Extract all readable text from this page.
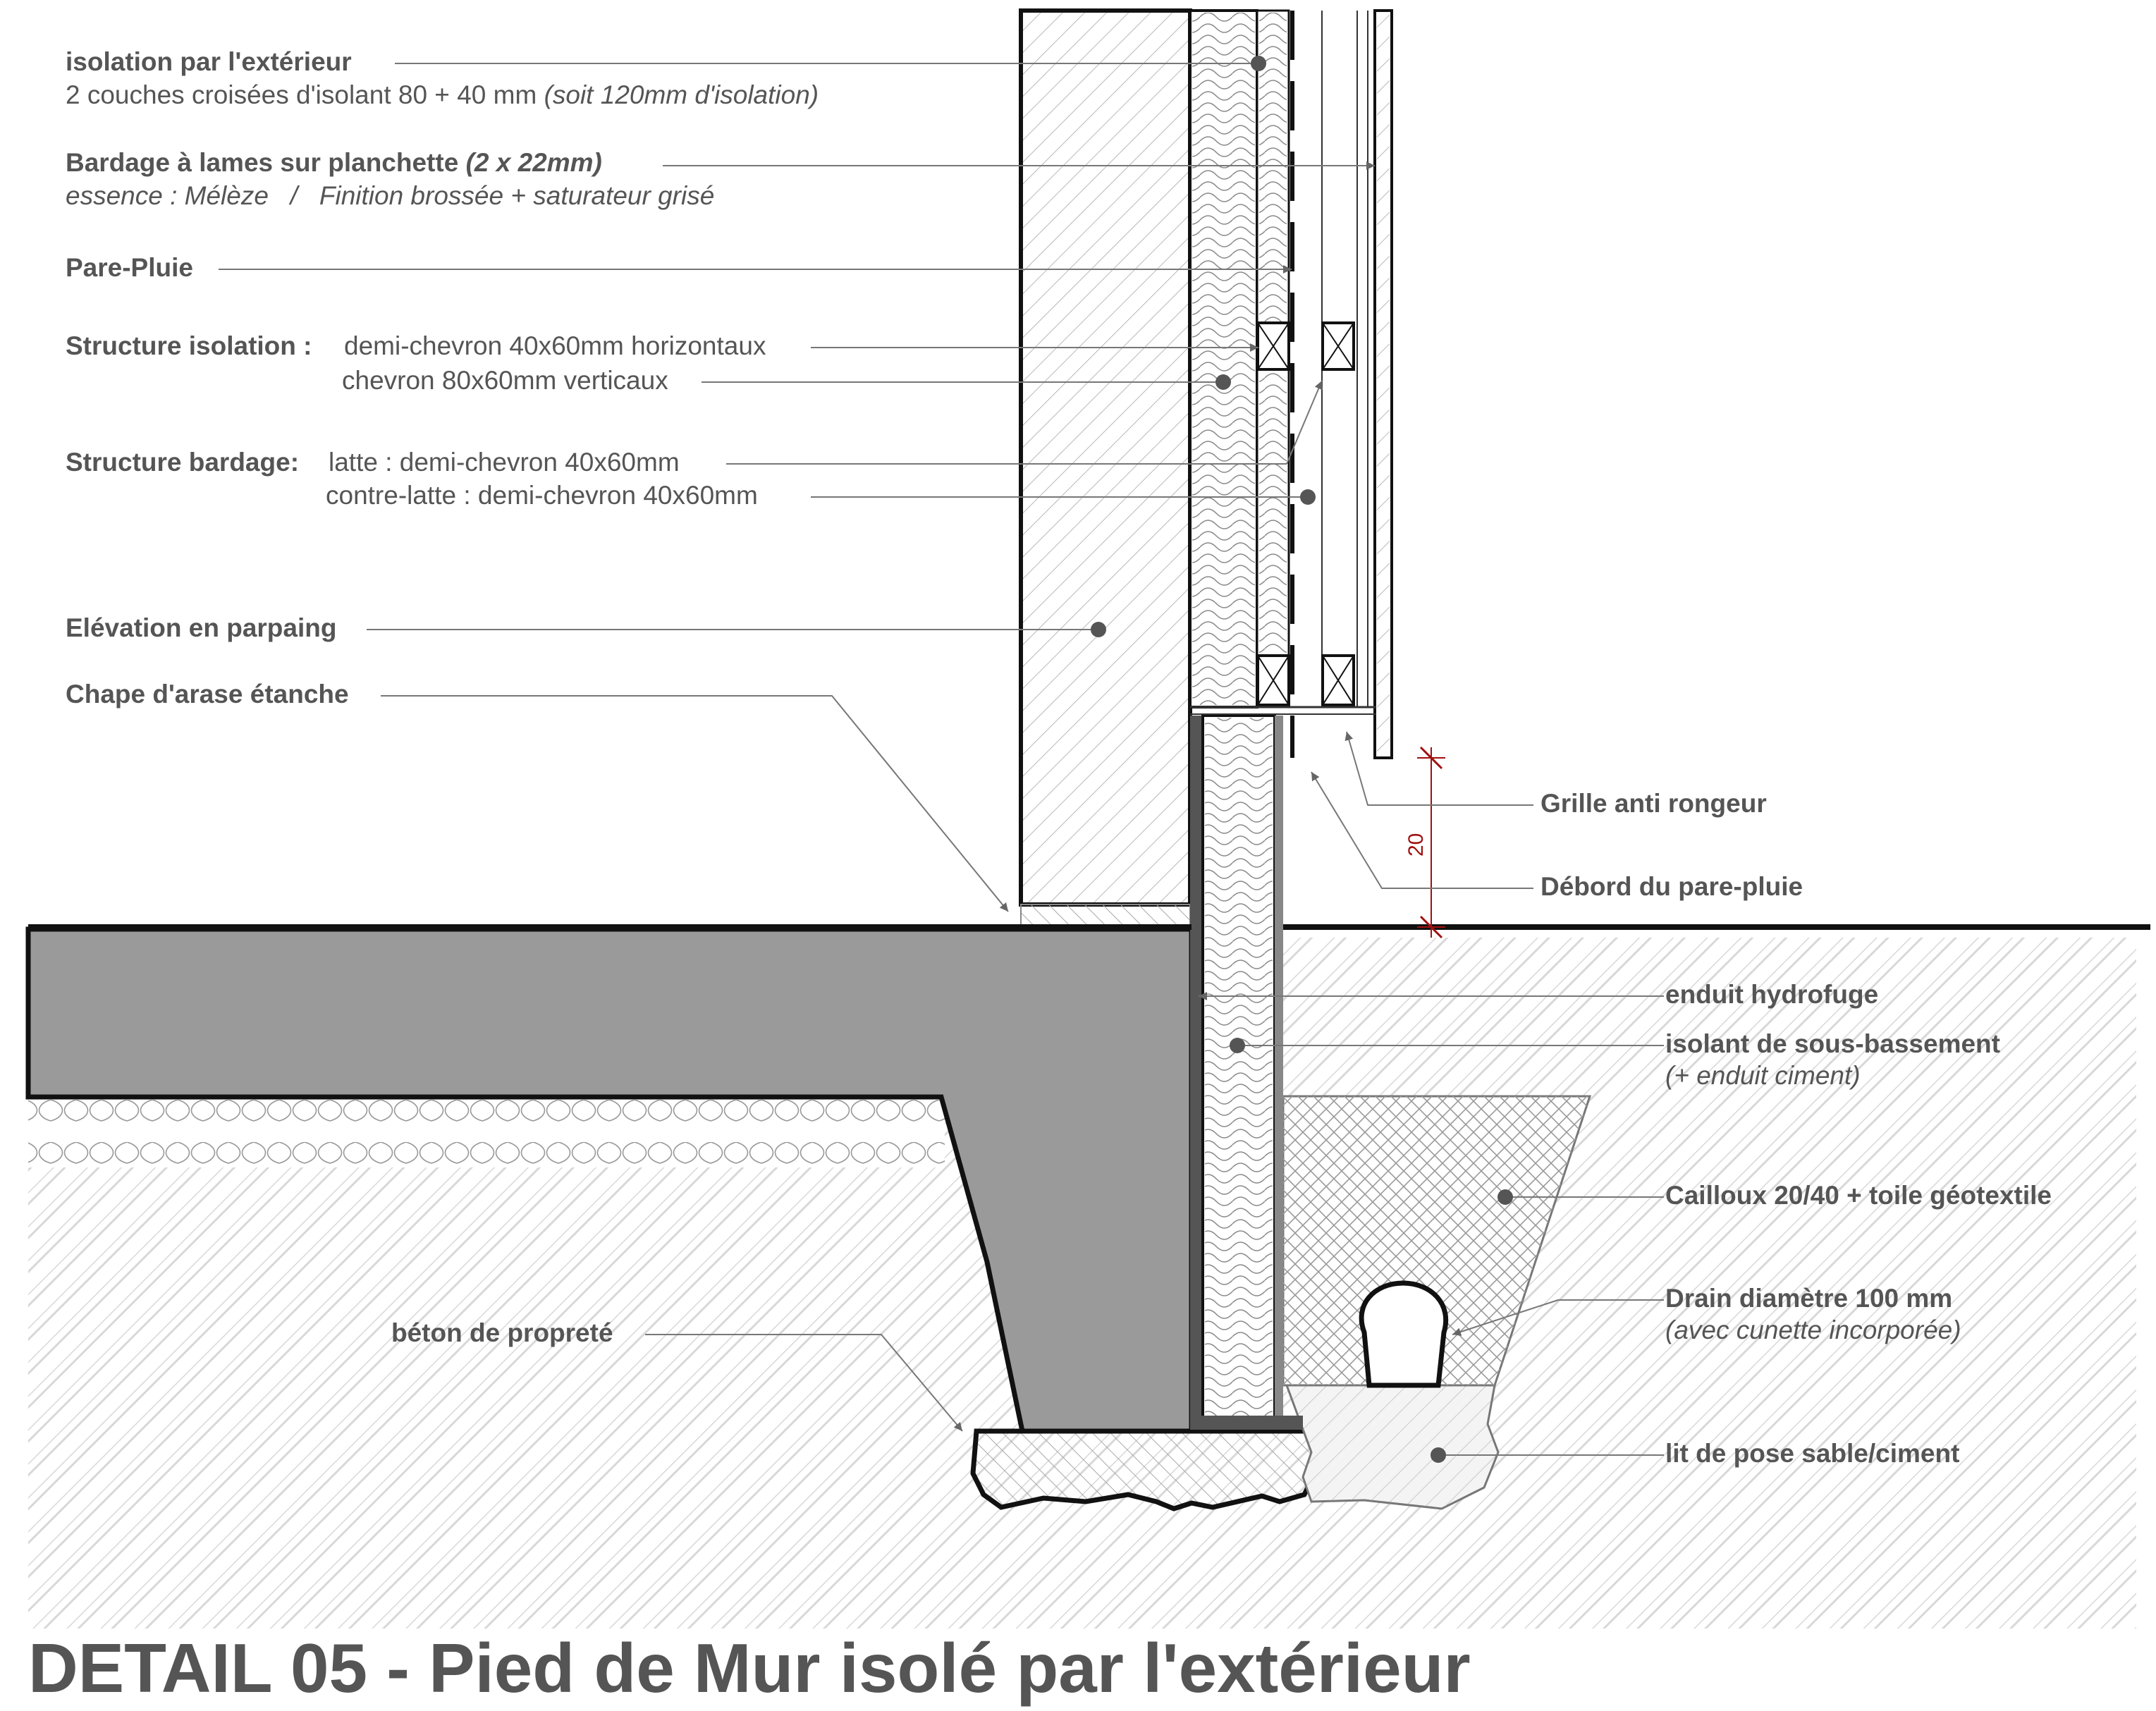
20
isolation par l'extérieur
2 couches croisées d'isolant 80 + 40 mm (soit 120mm d'isolation)
Bardage à lames sur planchette (2 x 22mm)
essence : Mélèze   /   Finition brossée + saturateur grisé
Pare-Pluie
Structure isolation : demi-chevron 40x60mm horizontaux
chevron 80x60mm verticaux
Structure bardage: latte : demi-chevron 40x60mm
contre-latte : demi-chevron 40x60mm
Elévation en parpaing
Chape d'arase étanche
béton de propreté
Grille anti rongeur
Débord du pare-pluie
enduit hydrofuge
isolant de sous-bassement
(+ enduit ciment)
Cailloux 20/40 + toile géotextile
Drain diamètre 100 mm
(avec cunette incorporée)
lit de pose sable/ciment
DETAIL 05 - Pied de Mur isolé par l'extérieur
